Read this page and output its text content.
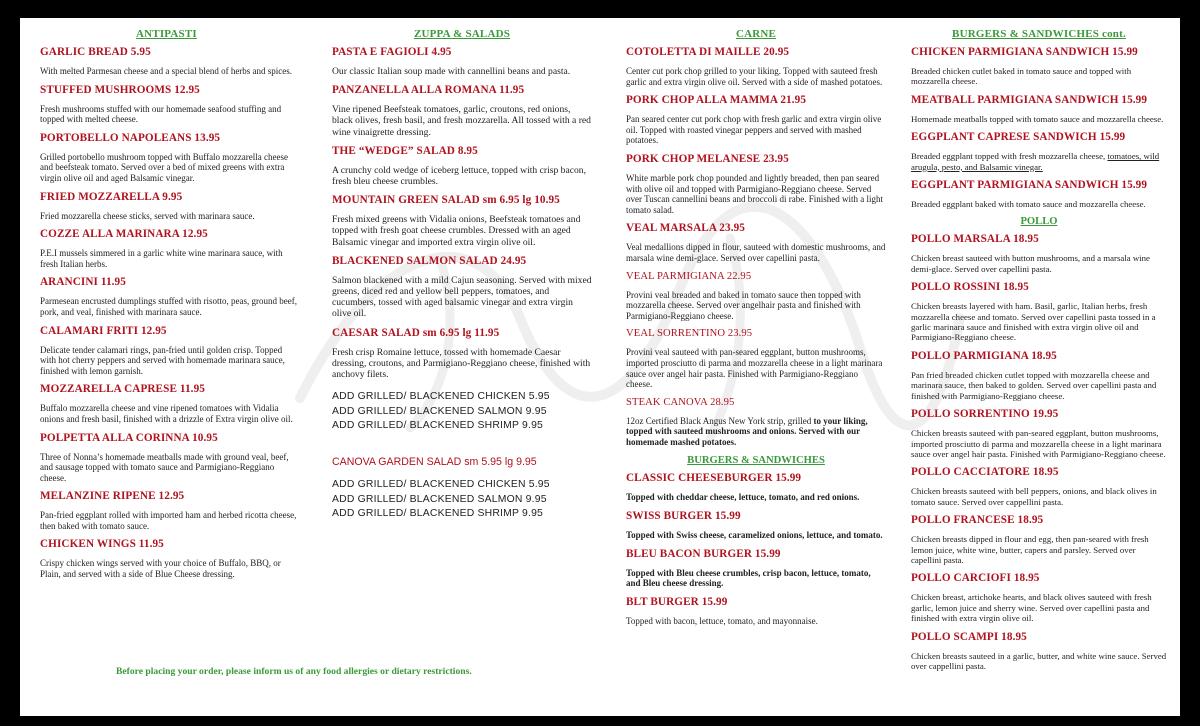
ANTIPASTI
GARLIC BREAD 5.95
With melted Parmesan cheese and a special blend of herbs and spices.
STUFFED MUSHROOMS 12.95
Fresh mushrooms stuffed with our homemade seafood stuffing and topped with melted cheese.
PORTOBELLO NAPOLEANS 13.95
Grilled portobello mushroom topped with Buffalo mozzarella cheese and beefsteak tomato. Served over a bed of mixed greens with extra virgin olive oil and aged Balsamic vinegar.
FRIED MOZZARELLA 9.95
Fried mozzarella cheese sticks, served with marinara sauce.
COZZE ALLA MARINARA 12.95
P.E.I mussels simmered in a garlic white wine marinara sauce, with fresh Italian herbs.
ARANCINI 11.95
Parmesean encrusted dumplings stuffed with risotto, peas, ground beef, pork, and veal, finished with marinara sauce.
CALAMARI FRITI 12.95
Delicate tender calamari rings, pan-fried until golden crisp. Topped with hot cherry peppers and served with homemade marinara sauce, finished with lemon garnish.
MOZZARELLA CAPRESE 11.95
Buffalo mozzarella cheese and vine ripened tomatoes with Vidalia onions and fresh basil, finished with a drizzle of Extra virgin olive oil.
POLPETTA ALLA CORINNA 10.95
Three of Nonna’s homemade meatballs made with ground veal, beef, and sausage topped with tomato sauce and Parmigiano-Reggiano cheese.
MELANZINE RIPENE 12.95
Pan-fried eggplant rolled with imported ham and herbed ricotta cheese, then baked with tomato sauce.
CHICKEN WINGS 11.95
Crispy chicken wings served with your choice of Buffalo, BBQ, or Plain, and served with a side of Blue Cheese dressing.
ZUPPA & SALADS
PASTA E FAGIOLI 4.95
Our classic Italian soup made with cannellini beans and pasta.
PANZANELLA ALLA ROMANA 11.95
Vine ripened Beefsteak tomatoes, garlic, croutons, red onions, black olives, fresh basil, and fresh mozzarella. All tossed with a red wine vinaigrette dressing.
THE “WEDGE” SALAD 8.95
A crunchy cold wedge of iceberg lettuce, topped with crisp bacon, fresh bleu cheese crumbles.
MOUNTAIN GREEN SALAD sm 6.95 lg 10.95
Fresh mixed greens with Vidalia onions, Beefsteak tomatoes and topped with fresh goat cheese crumbles. Dressed with an aged Balsamic vinegar and imported extra virgin olive oil.
BLACKENED SALMON SALAD 24.95
Salmon blackened with a mild Cajun seasoning. Served with mixed greens, diced red and yellow bell peppers, tomatoes, and cucumbers, tossed with aged balsamic vinegar and extra virgin olive oil.
CAESAR SALAD sm 6.95 lg 11.95
Fresh crisp Romaine lettuce, tossed with homemade Caesar dressing, croutons, and Parmigiano-Reggiano cheese, finished with anchovy filets.
ADD GRILLED/ BLACKENED CHICKEN 5.95
ADD GRILLED/ BLACKENED SALMON 9.95
ADD GRILLED/ BLACKENED SHRIMP 9.95
CANOVA GARDEN SALAD sm 5.95 lg 9.95
ADD GRILLED/ BLACKENED CHICKEN 5.95
ADD GRILLED/ BLACKENED SALMON 9.95
ADD GRILLED/ BLACKENED SHRIMP 9.95
CARNE
COTOLETTA DI MAILLE 20.95
Center cut pork chop grilled to your liking. Topped with sauteed fresh garlic and extra virgin olive oil. Served with a side of mashed potatoes.
PORK CHOP ALLA MAMMA 21.95
Pan seared center cut pork chop with fresh garlic and extra virgin olive oil. Topped with roasted vinegar peppers and served with mashed potatoes.
PORK CHOP MELANESE 23.95
White marble pork chop pounded and lightly breaded, then pan seared with olive oil and topped with Parmigiano-Reggiano cheese. Served over Tuscan cannellini beans and broccoli di rabe. Finished with a light tomato salad.
VEAL MARSALA 23.95
Veal medallions dipped in flour, sauteed with domestic mushrooms, and marsala wine demi-glace. Served over capellini pasta.
VEAL PARMIGIANA 22.95
Provini veal breaded and baked in tomato sauce then topped with mozzarella cheese. Served over angelhair pasta and finished with Parmigiano-Reggiano cheese.
VEAL SORRENTINO 23.95
Provini veal sauteed with pan-seared eggplant, button mushrooms, imported prosciutto di parma and mozzarella cheese in a light marinara sauce over angel hair pasta. Finished with Parmigiano-Reggiano cheese.
STEAK CANOVA 28.95
12oz Certified Black Angus New York strip, grilled to your liking, topped with sauteed mushrooms and onions. Served with our homemade mashed potatoes.
BURGERS & SANDWICHES
CLASSIC CHEESEBURGER 15.99
Topped with cheddar cheese, lettuce, tomato, and red onions.
SWISS BURGER 15.99
Topped with Swiss cheese, caramelized onions, lettuce, and tomato.
BLEU BACON BURGER 15.99
Topped with Bleu cheese crumbles, crisp bacon, lettuce, tomato, and Bleu cheese dressing.
BLT BURGER 15.99
Topped with bacon, lettuce, tomato, and mayonnaise.
BURGERS & SANDWICHES cont.
CHICKEN PARMIGIANA SANDWICH 15.99
Breaded chicken cutlet baked in tomato sauce and topped with mozzarella cheese.
MEATBALL PARMIGIANA SANDWICH 15.99
Homemade meatballs topped with tomato sauce and mozzarella cheese.
EGGPLANT CAPRESE SANDWICH 15.99
Breaded eggplant topped with fresh mozzarella cheese, tomatoes, wild arugula, pesto, and Balsamic vinegar.
EGGPLANT PARMIGIANA SANDWICH 15.99
Breaded eggplant baked with tomato sauce and mozzarella cheese.
POLLO
POLLO MARSALA 18.95
Chicken breast sauteed with button mushrooms, and a marsala wine demi-glace. Served over capellini pasta.
POLLO ROSSINI 18.95
Chicken breasts layered with ham. Basil, garlic, Italian herbs, fresh mozzarella cheese and tomato. Served over capellini pasta tossed in a garlic marinara sauce and finished with extra virgin olive oil and Parmigiano-Reggiano cheese.
POLLO PARMIGIANA 18.95
Pan fried breaded chicken cutlet topped with mozzarella cheese and marinara sauce, then baked to golden. Served over capellini pasta and finished with Parmigiano-Reggiano cheese.
POLLO SORRENTINO 19.95
Chicken breasts sauteed with pan-seared eggplant, button mushrooms, imported prosciutto di parma and mozzarella cheese in a light marinara sauce over angel hair pasta. Finished with Parmigiano-Reggiano cheese.
POLLO CACCIATORE 18.95
Chicken breasts sauteed with bell peppers, onions, and black olives in tomato sauce. Served over cappellini pasta.
POLLO FRANCESE 18.95
Chicken breasts dipped in flour and egg, then pan-seared with fresh lemon juice, white wine, butter, capers and parsley. Served over capellini pasta.
POLLO CARCIOFI 18.95
Chicken breast, artichoke hearts, and black olives sauteed with fresh garlic, lemon juice and sherry wine. Served over capellini pasta and finished with extra virgin olive oil.
POLLO SCAMPI 18.95
Chicken breasts sauteed in a garlic, butter, and white wine sauce. Served over cappellini pasta.
Before placing your order, please inform us of any food allergies or dietary restrictions.
